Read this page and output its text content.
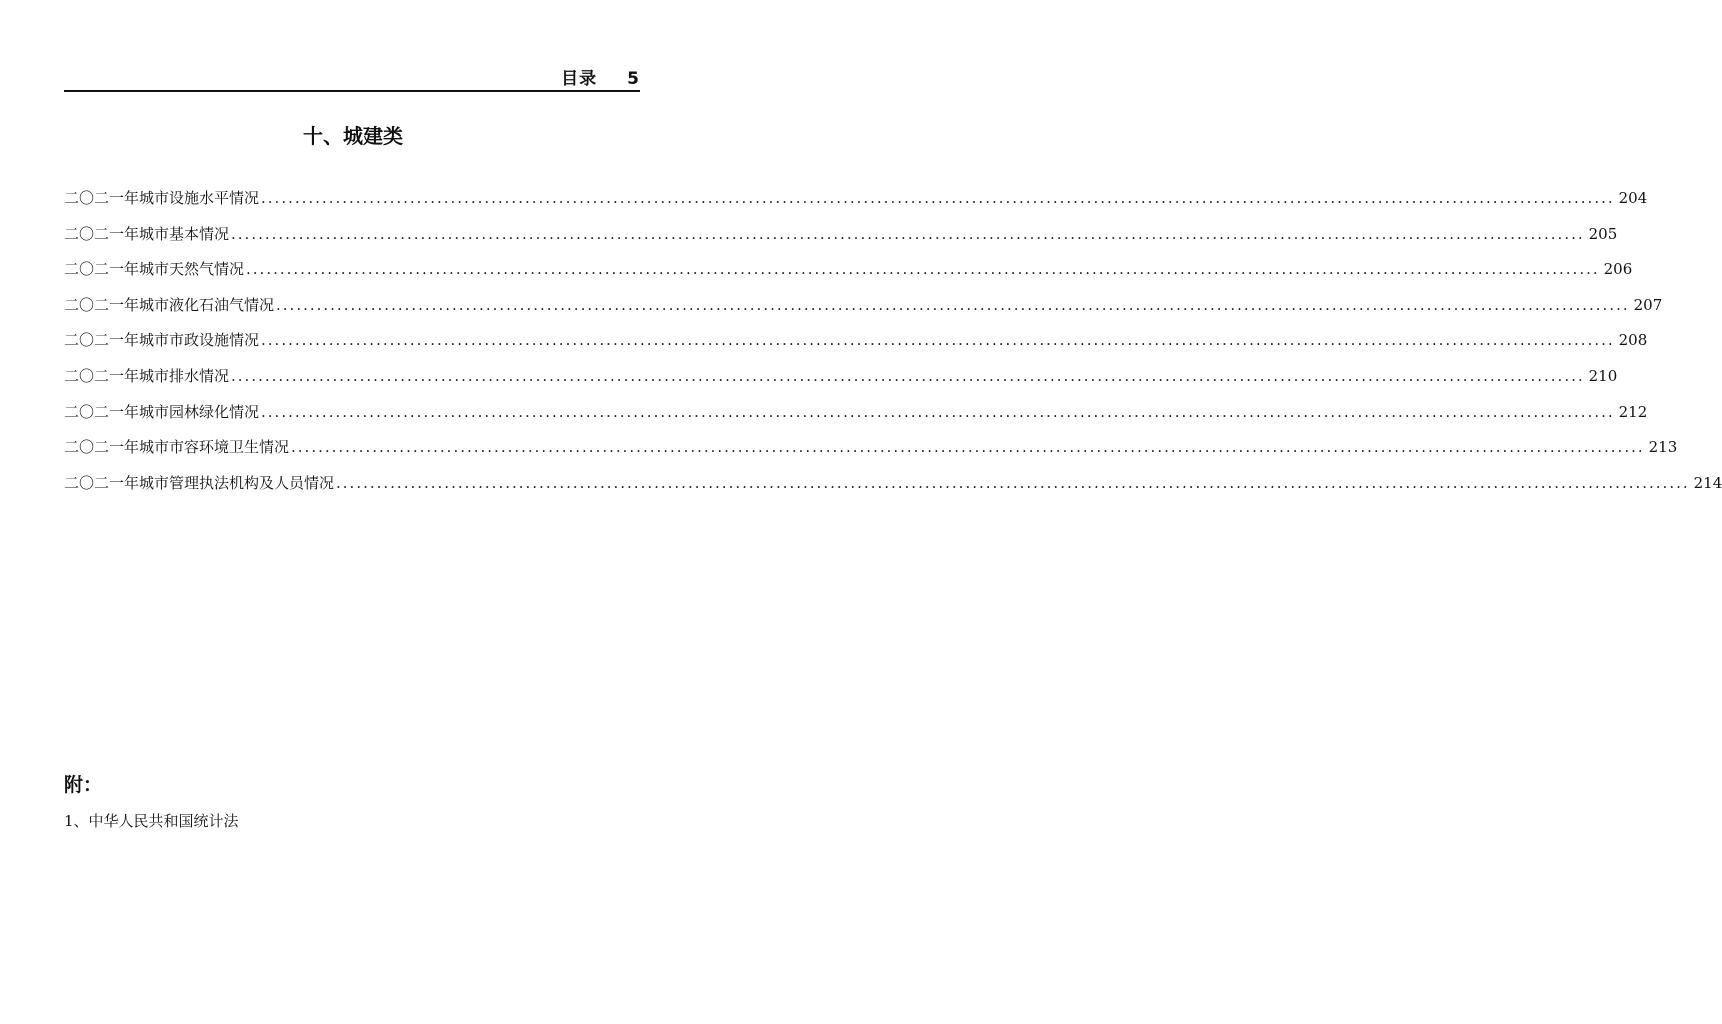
目录 5
十、城建类
二〇二一年城市设施水平情况 ........................................................................................................................................................................................................ 204
二〇二一年城市基本情况 ........................................................................................................................................................................................................ 205
二〇二一年城市天然气情况 ........................................................................................................................................................................................................ 206
二〇二一年城市液化石油气情况 ........................................................................................................................................................................................................ 207
二〇二一年城市市政设施情况 ........................................................................................................................................................................................................ 208
二〇二一年城市排水情况 ........................................................................................................................................................................................................ 210
二〇二一年城市园林绿化情况 ........................................................................................................................................................................................................ 212
二〇二一年城市市容环境卫生情况 ........................................................................................................................................................................................................ 213
二〇二一年城市管理执法机构及人员情况 ........................................................................................................................................................................................................ 214
附：
1、中华人民共和国统计法
